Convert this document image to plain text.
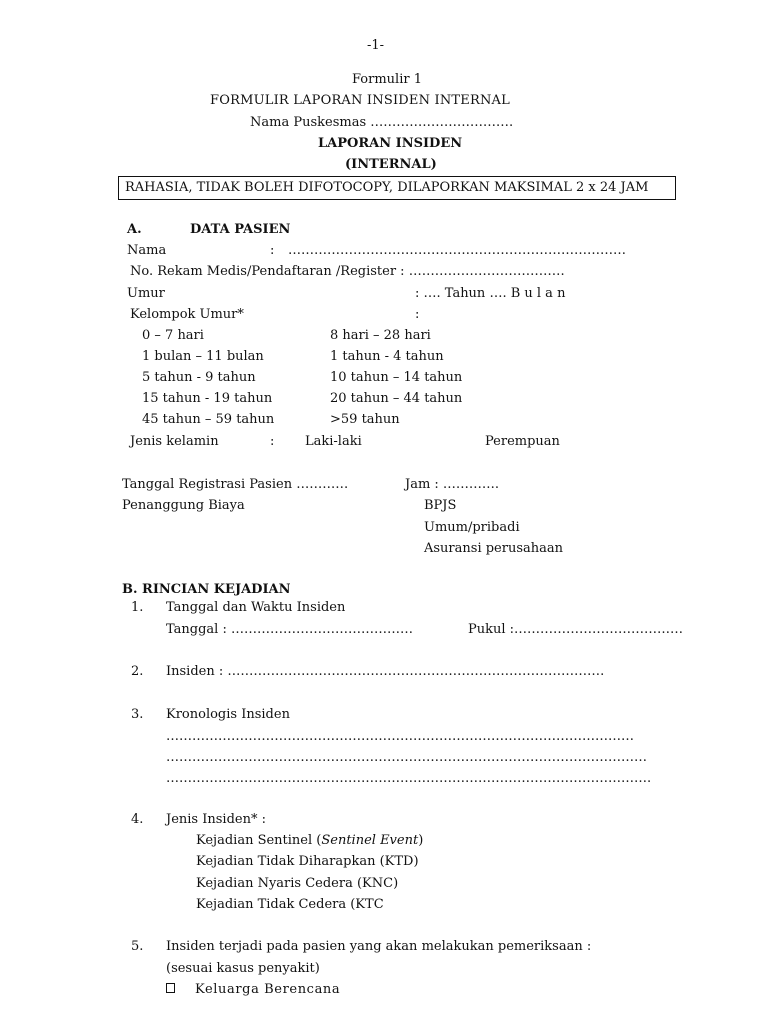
-1-
Formulir 1
FORMULIR LAPORAN INSIDEN INTERNAL
Nama Puskesmas ……………………………
LAPORAN INSIDEN
(INTERNAL)
RAHASIA, TIDAK BOLEH DIFOTOCOPY, DILAPORKAN MAKSIMAL 2 x 24 JAM
A.	DATA PASIEN
Nama	: ……………………………………………………………………
No. Rekam Medis/Pendaftaran /Register : ………………………………
Umur	: …. Tahun …. B u l a n
Kelompok Umur*	:
0 – 7 hari	8 hari – 28 hari
1 bulan – 11 bulan	1 tahun - 4 tahun
5 tahun - 9 tahun	10 tahun – 14 tahun
15 tahun - 19 tahun	20 tahun – 44 tahun
45 tahun – 59 tahun	>59 tahun
Jenis kelamin	: Laki-laki	Perempuan
Tanggal Registrasi Pasien …………	Jam : ………….
Penanggung Biaya	BPJS
Umum/pribadi
Asuransi perusahaan
B. RINCIAN KEJADIAN
1. Tanggal dan Waktu Insiden
Tanggal : ……………………………………	Pukul :…………………………………
2. Insiden : ……………………………………………………………………………
3. Kronologis Insiden
………………………………………………………………………………………………
…………………………………………………………………………………………………
………………………………………………………………………………………………….
4. Jenis Insiden* :
Kejadian Sentinel (Sentinel Event)
Kejadian Tidak Diharapkan (KTD)
Kejadian Nyaris Cedera (KNC)
Kejadian Tidak Cedera (KTC
5. Insiden terjadi pada pasien yang akan melakukan pemeriksaan :
(sesuai kasus penyakit)
Keluarga Berencana
